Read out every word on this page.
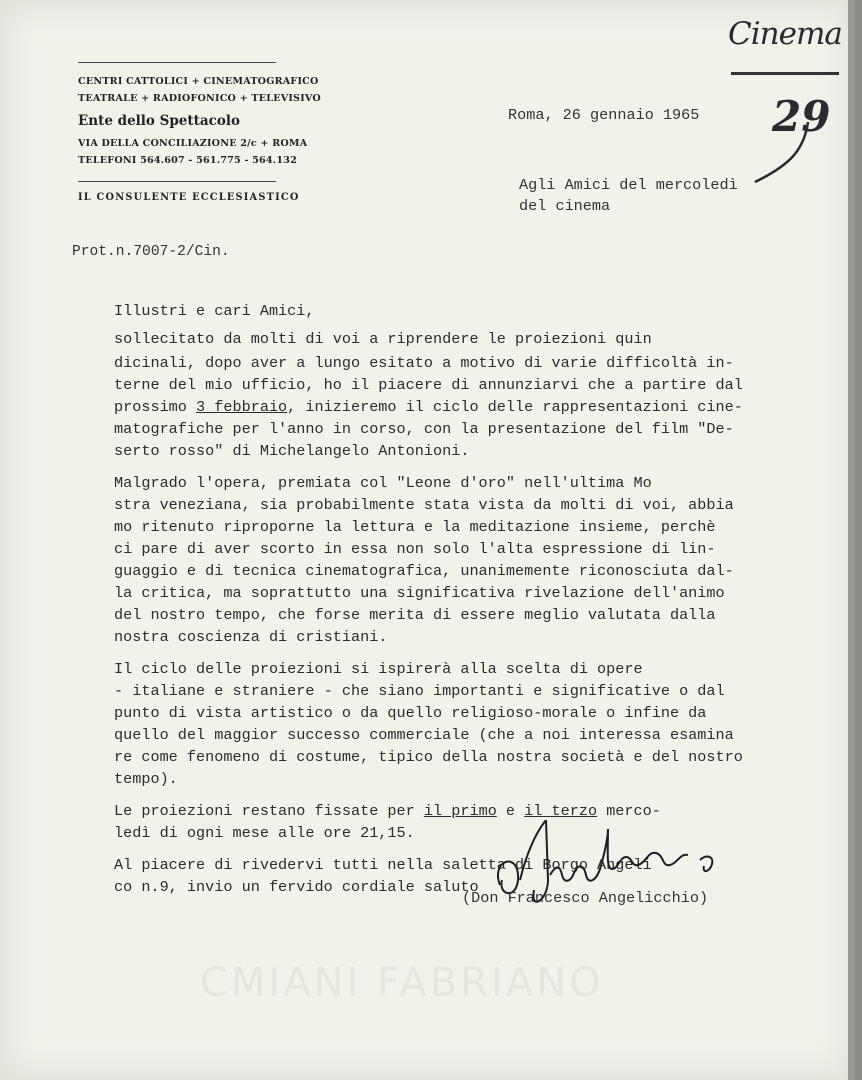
CMIANI FABRIANO
Cinema
29
CENTRI CATTOLICI + CINEMATOGRAFICO
TEATRALE + RADIOFONICO + TELEVISIVO
Ente dello Spettacolo
VIA DELLA CONCILIAZIONE 2/c + ROMA
TELEFONI 564.607 - 561.775 - 564.132
IL CONSULENTE ECCLESIASTICO
Prot.n.7007-2/Cin.
Roma, 26 gennaio 1965
Agli Amici del mercoledì
del cinema
Illustri e cari Amici,
sollecitato da molti di voi a riprendere le proiezioni quin
dicinali, dopo aver a lungo esitato a motivo di varie difficoltà in-
terne del mio ufficio, ho il piacere di annunziarvi che a partire dal
prossimo 3 febbraio, inizieremo il ciclo delle rappresentazioni cine-
matografiche per l'anno in corso, con la presentazione del film "De-
serto rosso" di Michelangelo Antonioni.
Malgrado l'opera, premiata col "Leone d'oro" nell'ultima Mo
stra veneziana, sia probabilmente stata vista da molti di voi, abbia
mo ritenuto riproporne la lettura e la meditazione insieme, perchè
ci pare di aver scorto in essa non solo l'alta espressione di lin-
guaggio e di tecnica cinematografica, unanimemente riconosciuta dal-
la critica, ma soprattutto una significativa rivelazione dell'animo
del nostro tempo, che forse merita di essere meglio valutata dalla
nostra coscienza di cristiani.
Il ciclo delle proiezioni si ispirerà alla scelta di opere
- italiane e straniere - che siano importanti e significative o dal
punto di vista artistico o da quello religioso-morale o infine da
quello del maggior successo commerciale (che a noi interessa esamina
re come fenomeno di costume, tipico della nostra società e del nostro
tempo).
Le proiezioni restano fissate per il primo e il terzo merco-
ledì di ogni mese alle ore 21,15.
Al piacere di rivedervi tutti nella saletta di Borgo Angeli
co n.9, invio un fervido cordiale saluto
(Don Francesco Angelicchio)
